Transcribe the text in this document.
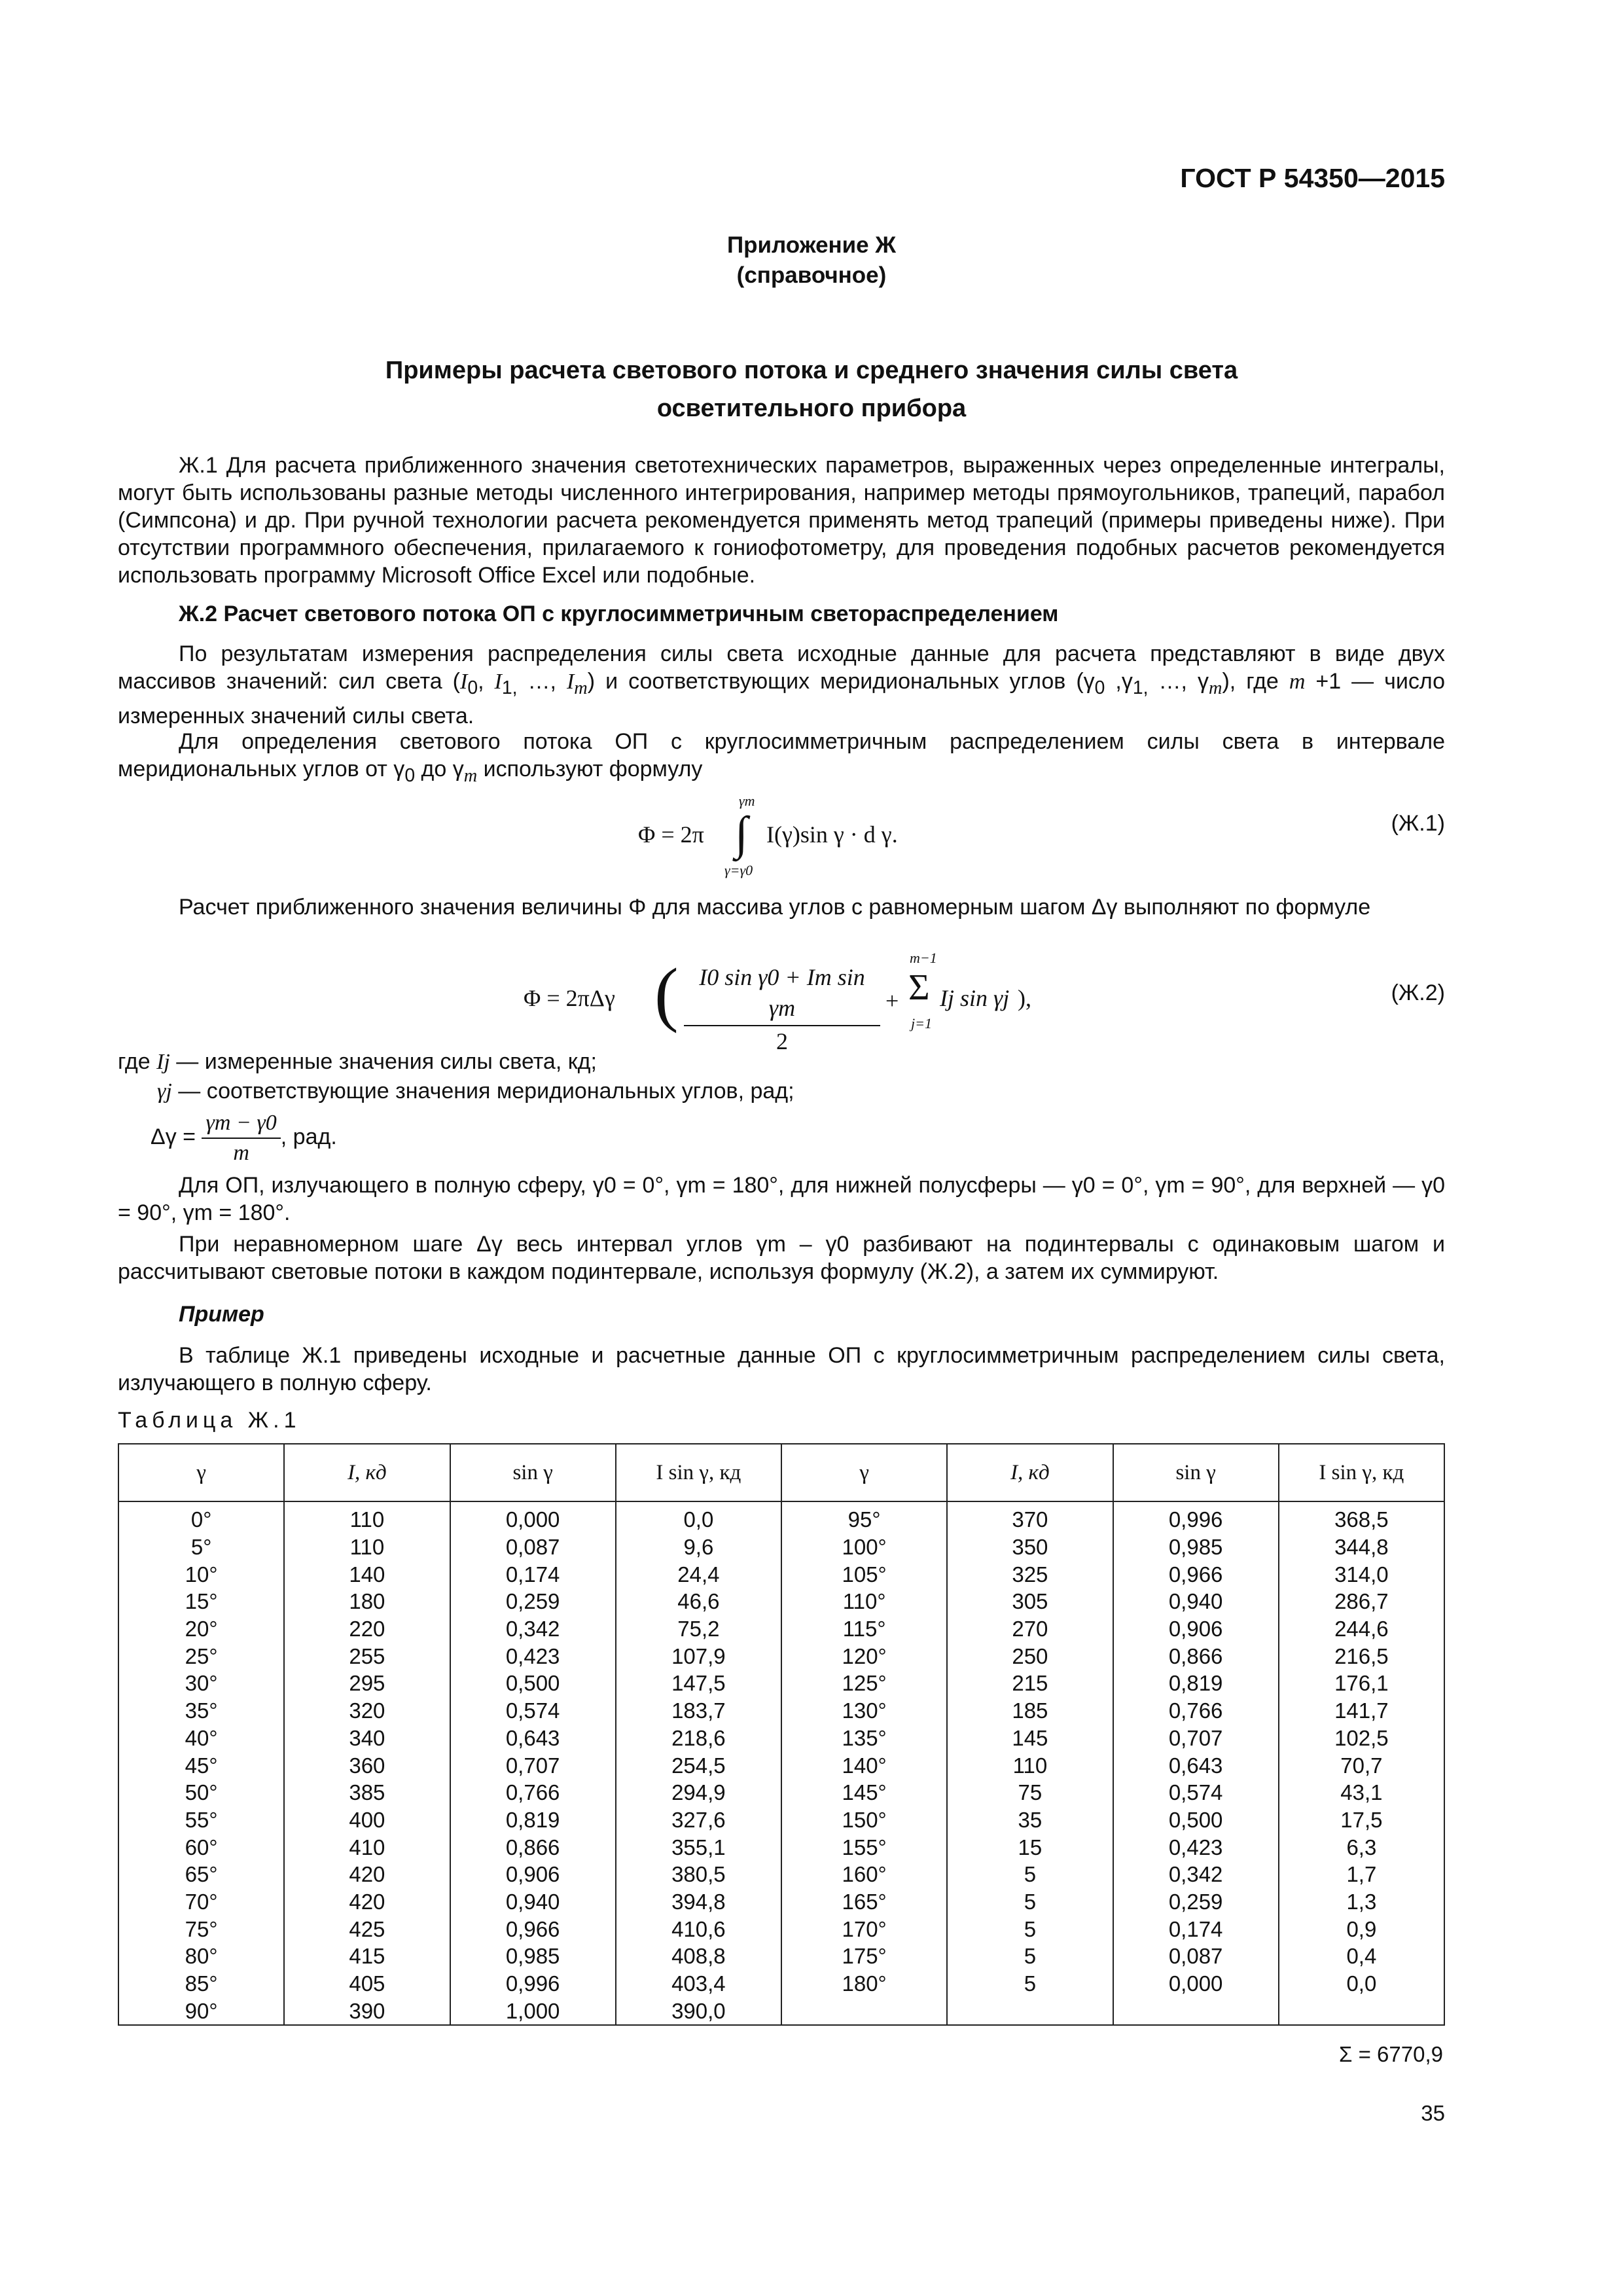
ГОСТ Р 54350—2015
Приложение Ж
(справочное)
Примеры расчета светового потока и среднего значения силы света
осветительного прибора

Ж.1 Для расчета приближенного значения светотехнических параметров, выраженных через определенные интегралы, могут быть использованы разные методы численного интегрирования, например методы прямоугольников, трапеций, парабол (Симпсона) и др. При ручной технологии расчета рекомендуется применять метод трапеций (примеры приведены ниже). При отсутствии программного обеспечения, прилагаемого к гониофотометру, для проведения подобных расчетов рекомендуется использовать программу Microsoft Office Excel или подобные.

Ж.2 Расчет светового потока ОП с круглосимметричным светораспределением

По результатам измерения распределения силы света исходные данные для расчета представляют в виде двух массивов значений: сил света ($I_0$, $I_{1,}$ …, $I_m$) и соответствующих меридиональных углов ($\gamma_0$ $,\gamma_{1,}$ …, $\gamma_m$), где m +1 — число измеренных значений силы света.

Для определения светового потока ОП с круглосимметричным распределением силы света в интервале меридиональных углов от $\gamma_0$ до $\gamma_m$ используют формулу

Φ = 2π
γm
∫
γ=γ0
I(γ)sin γ · d γ.	(Ж.1)

Расчет приближенного значения величины Φ для массива углов с равномерным шагом Δγ выполняют по формуле

Φ = 2πΔγ ( $\frac{\text{I0 sin γ0 + Im sin γm}}{2}$ +
m−1
Σ
j=1
Ij sin γj ),	(Ж.2)
где Ij — измеренные значения силы света, кд;
γj — соответствующие значения меридиональных углов, рад;
$\Delta\gamma = \frac{\gamma m - \gamma 0}{m}$ , рад.

Для ОП, излучающего в полную сферу, γ0 = 0°, γm = 180°, для нижней полусферы — γ0 = 0°, γm = 90°, для верхней — γ0 = 90°, γm = 180°.

При неравномерном шаге Δγ весь интервал углов γm – γ0 разбивают на подинтервалы с одинаковым шагом и рассчитывают световые потоки в каждом подинтервале, используя формулу (Ж.2), а затем их суммируют.

Пример

В таблице Ж.1 приведены исходные и расчетные данные ОП с круглосимметричным распределением силы света, излучающего в полную сферу.

Таблица Ж.1
γ	I, кд	sin γ	I sin γ, кд	γ	I, кд	sin γ	I sin γ, кд
0°	110	0,000	0,0	95°	370	0,996	368,5
5°	110	0,087	9,6	100°	350	0,985	344,8
10°	140	0,174	24,4	105°	325	0,966	314,0
15°	180	0,259	46,6	110°	305	0,940	286,7
20°	220	0,342	75,2	115°	270	0,906	244,6
25°	255	0,423	107,9	120°	250	0,866	216,5
30°	295	0,500	147,5	125°	215	0,819	176,1
35°	320	0,574	183,7	130°	185	0,766	141,7
40°	340	0,643	218,6	135°	145	0,707	102,5
45°	360	0,707	254,5	140°	110	0,643	70,7
50°	385	0,766	294,9	145°	75	0,574	43,1
55°	400	0,819	327,6	150°	35	0,500	17,5
60°	410	0,866	355,1	155°	15	0,423	6,3
65°	420	0,906	380,5	160°	5	0,342	1,7
70°	420	0,940	394,8	165°	5	0,259	1,3
75°	425	0,966	410,6	170°	5	0,174	0,9
80°	415	0,985	408,8	175°	5	0,087	0,4
85°	405	0,996	403,4	180°	5	0,000	0,0
90°	390	1,000	390,0				
Σ = 6770,9
35
